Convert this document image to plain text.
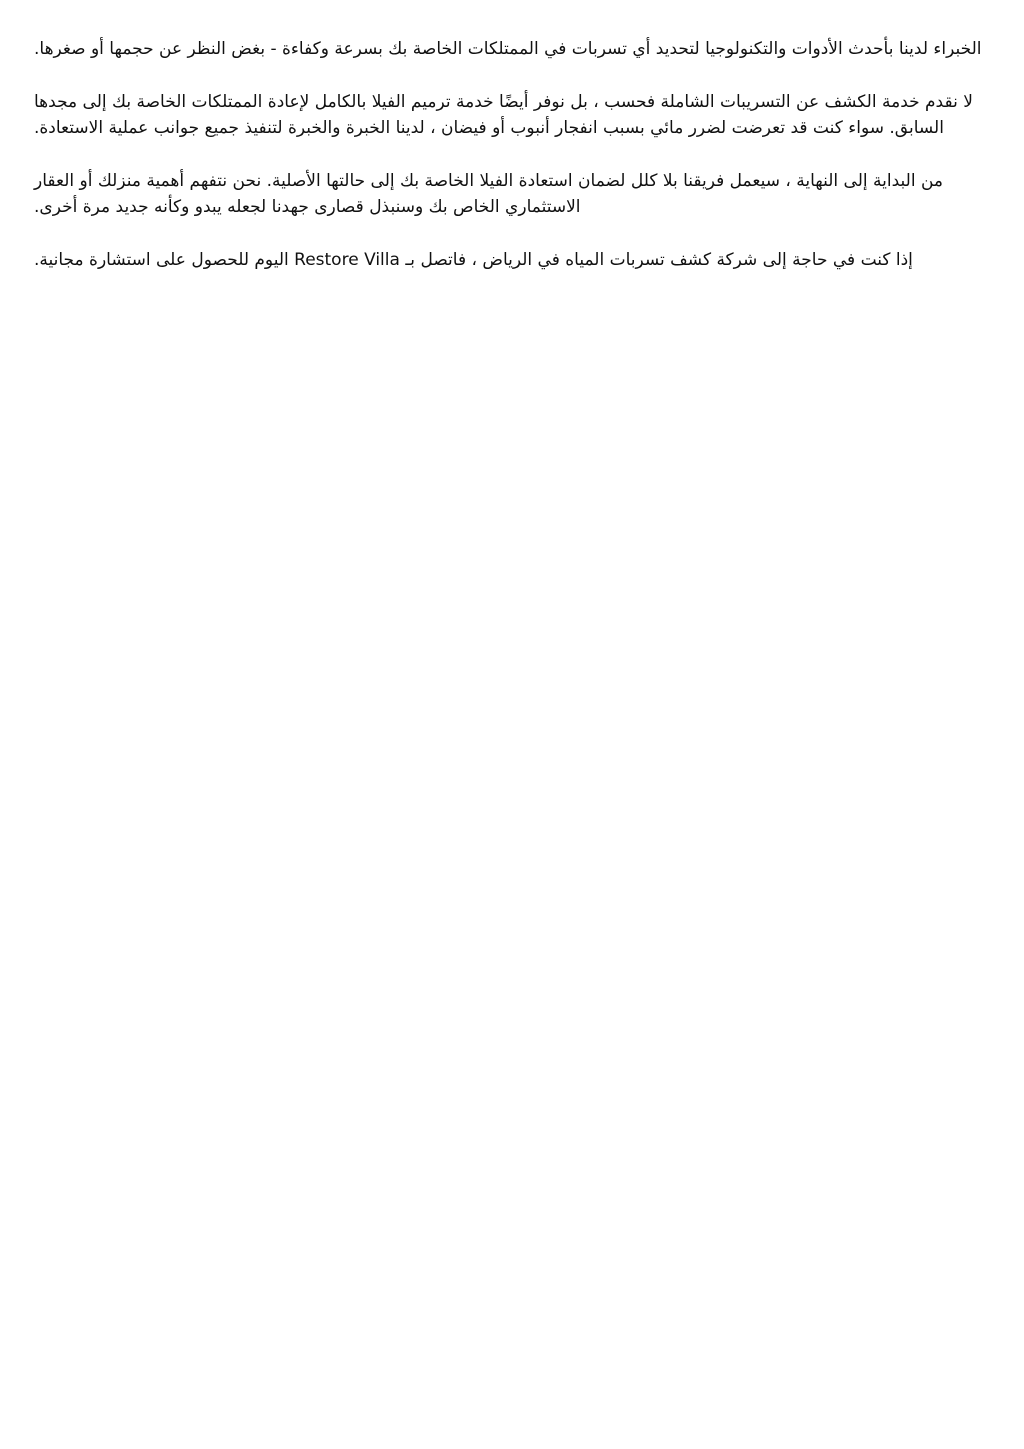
الخبراء لدينا بأحدث الأدوات والتكنولوجيا لتحديد أي تسربات في الممتلكات الخاصة بك بسرعة وكفاءة - بغض النظر عن حجمها أو صغرها.

لا نقدم خدمة الكشف عن التسريبات الشاملة فحسب ، بل نوفر أيضًا خدمة ترميم الفيلا بالكامل لإعادة الممتلكات الخاصة بك إلى مجدها السابق. سواء كنت قد تعرضت لضرر مائي بسبب انفجار أنبوب أو فيضان ، لدينا الخبرة والخبرة لتنفيذ جميع جوانب عملية الاستعادة.

من البداية إلى النهاية ، سيعمل فريقنا بلا كلل لضمان استعادة الفيلا الخاصة بك إلى حالتها الأصلية. نحن نتفهم أهمية منزلك أو العقار الاستثماري الخاص بك وسنبذل قصارى جهدنا لجعله يبدو وكأنه جديد مرة أخرى.

إذا كنت في حاجة إلى شركة كشف تسربات المياه في الرياض ، فاتصل بـ Restore Villa اليوم للحصول على استشارة مجانية.
